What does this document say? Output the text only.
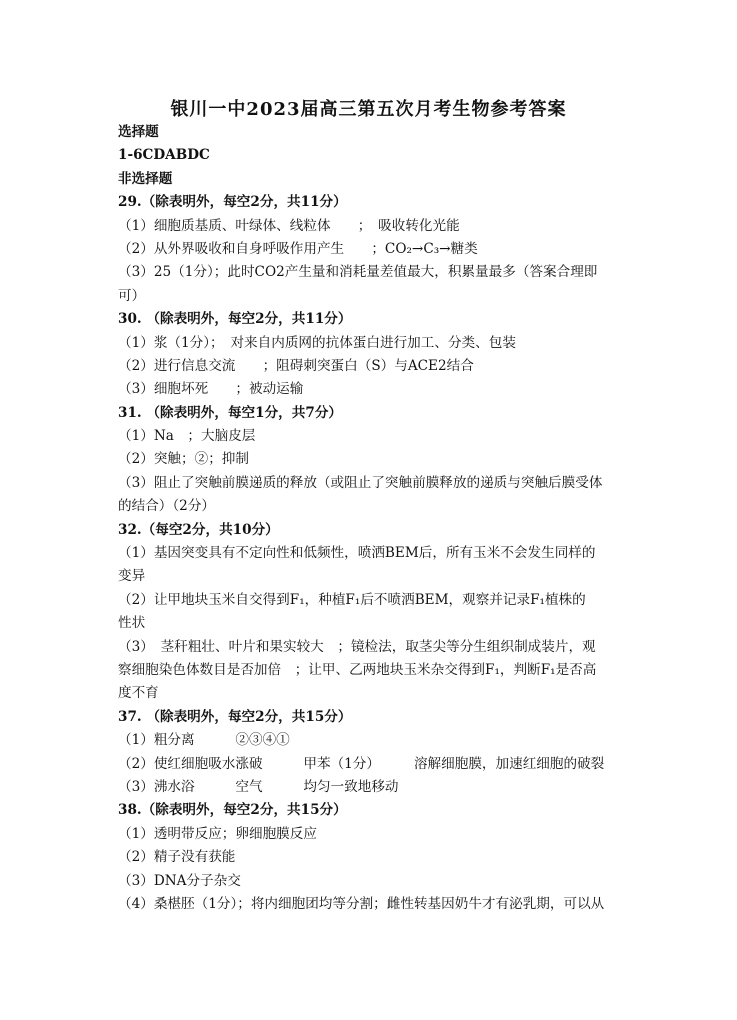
银川一中2023届高三第五次月考生物参考答案
选择题
1-6CDABDC
非选择题
29.（除表明外，每空2分，共11分）
（1）细胞质基质、叶绿体、线粒体　　；　吸收转化光能
（2）从外界吸收和自身呼吸作用产生　　；CO₂→C₃→糖类
（3）25（1分）；此时CO2产生量和消耗量差值最大，积累量最多（答案合理即
可）
30. （除表明外，每空2分，共11分）
（1）浆（1分）；　对来自内质网的抗体蛋白进行加工、分类、包装
（2）进行信息交流　　；阻碍刺突蛋白（S）与ACE2结合
（3）细胞坏死　　；被动运输
31. （除表明外，每空1分，共7分）
（1）Na　；大脑皮层
（2）突触；②；抑制
（3）阻止了突触前膜递质的释放（或阻止了突触前膜释放的递质与突触后膜受体
的结合）（2分）
32.（每空2分，共10分）
（1）基因突变具有不定向性和低频性，喷洒BEM后，所有玉米不会发生同样的
变异
（2）让甲地块玉米自交得到F₁，种植F₁后不喷洒BEM，观察并记录F₁植株的
性状
（3）　茎秆粗壮、叶片和果实较大　；镜检法，取茎尖等分生组织制成装片，观
察细胞染色体数目是否加倍　；让甲、乙两地块玉米杂交得到F₁，判断F₁是否高
度不育
37. （除表明外，每空2分，共15分）
（1）粗分离　　　②③④①
（2）使红细胞吸水涨破　　　甲苯（1分）　　　溶解细胞膜，加速红细胞的破裂
（3）沸水浴　　　空气　　　均匀一致地移动
38.（除表明外，每空2分，共15分）
（1）透明带反应；卵细胞膜反应
（2）精子没有获能
（3）DNA分子杂交
（4）桑椹胚（1分）；将内细胞团均等分割；雌性转基因奶牛才有泌乳期，可以从
